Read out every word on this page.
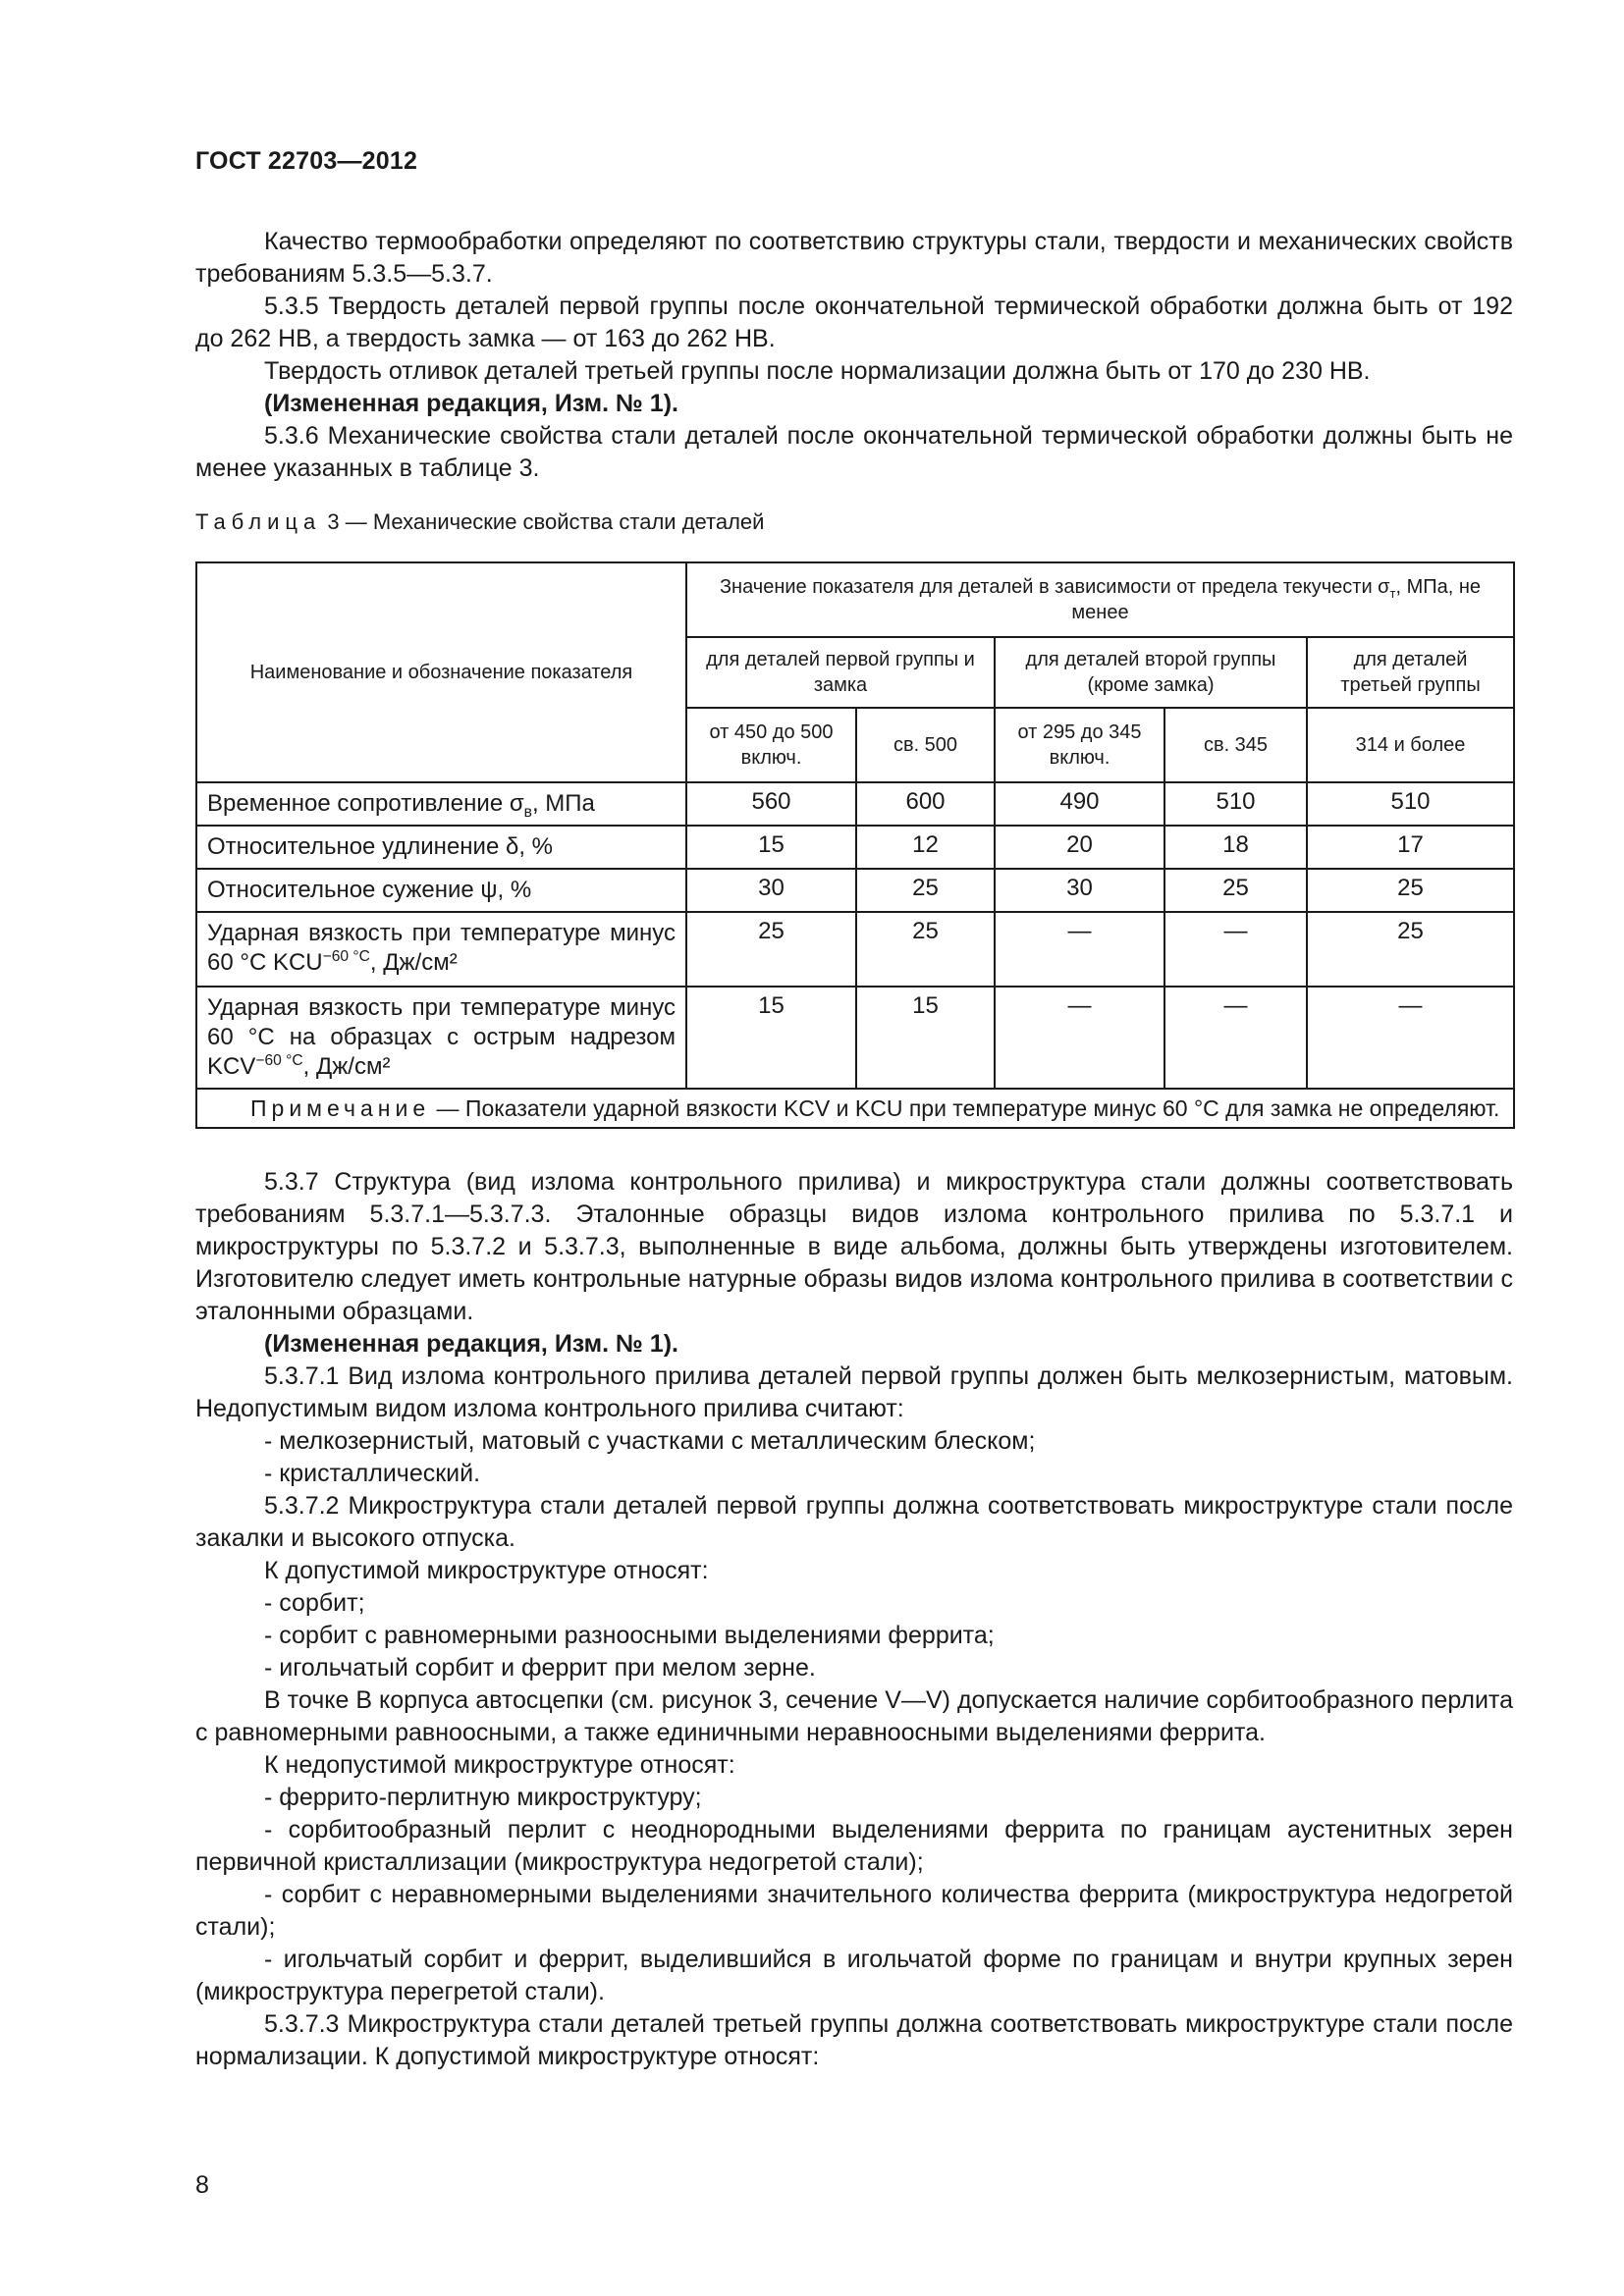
ГОСТ 22703—2012

Качество термообработки определяют по соответствию структуры стали, твердости и механических свойств требованиям 5.3.5—5.3.7.

5.3.5 Твердость деталей первой группы после окончательной термической обработки должна быть от 192 до 262 НВ, а твердость замка — от 163 до 262 НВ.

Твердость отливок деталей третьей группы после нормализации должна быть от 170 до 230 НВ.

(Измененная редакция, Изм. № 1).

5.3.6 Механические свойства стали деталей после окончательной термической обработки должны быть не менее указанных в таблице 3.

Таблица 3 — Механические свойства стали деталей
Наименование и обозначение показателя	Значение показателя для деталей в зависимости от предела текучести $\sigma_т$, МПа, не менее				
	для деталей первой группы и замка		для деталей второй группы (кроме замка)		для деталей третьей группы
	от 450 до 500 включ.	св. 500	от 295 до 345 включ.	св. 345	314 и более
Временное сопротивление $\sigma_в$, МПа	560	600	490	510	510
Относительное удлинение δ, %	15	12	20	18	17
Относительное сужение ψ, %	30	25	30	25	25
Ударная вязкость при температуре минус 60 °С $KCU^{-60 ^\circ С}$, Дж/см²	25	25	—	—	25
Ударная вязкость при температуре минус 60 °С на образцах с острым надрезом $KCV^{-60 ^\circ С}$, Дж/см²	15	15	—	—	—
Примечание — Показатели ударной вязкости KCV и KCU при температуре минус 60 °С для замка не определяют.					

5.3.7 Структура (вид излома контрольного прилива) и микроструктура стали должны соответствовать требованиям 5.3.7.1—5.3.7.3. Эталонные образцы видов излома контрольного прилива по 5.3.7.1 и микроструктуры по 5.3.7.2 и 5.3.7.3, выполненные в виде альбома, должны быть утверждены изготовителем. Изготовителю следует иметь контрольные натурные образы видов излома контрольного прилива в соответствии с эталонными образцами.

(Измененная редакция, Изм. № 1).

5.3.7.1 Вид излома контрольного прилива деталей первой группы должен быть мелкозернистым, матовым. Недопустимым видом излома контрольного прилива считают:

- мелкозернистый, матовый с участками с металлическим блеском;

- кристаллический.

5.3.7.2 Микроструктура стали деталей первой группы должна соответствовать микроструктуре стали после закалки и высокого отпуска.

К допустимой микроструктуре относят:

- сорбит;

- сорбит с равномерными разноосными выделениями феррита;

- игольчатый сорбит и феррит при мелом зерне.

В точке В корпуса автосцепки (см. рисунок 3, сечение V—V) допускается наличие сорбитообразного перлита с равномерными равноосными, а также единичными неравноосными выделениями феррита.

К недопустимой микроструктуре относят:

- феррито-перлитную микроструктуру;

- сорбитообразный перлит с неоднородными выделениями феррита по границам аустенитных зерен первичной кристаллизации (микроструктура недогретой стали);

- сорбит с неравномерными выделениями значительного количества феррита (микроструктура недогретой стали);

- игольчатый сорбит и феррит, выделившийся в игольчатой форме по границам и внутри крупных зерен (микроструктура перегретой стали).

5.3.7.3 Микроструктура стали деталей третьей группы должна соответствовать микроструктуре стали после нормализации. К допустимой микроструктуре относят:

8
